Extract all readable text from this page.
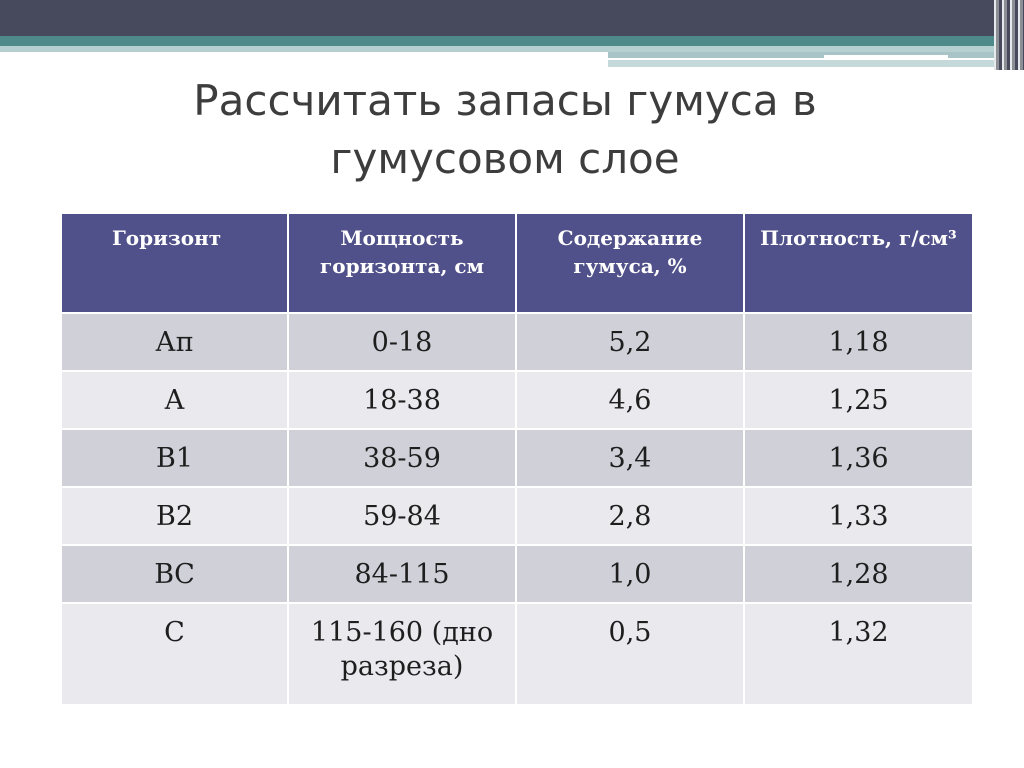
Рассчитать запасы гумуса в
гумусовом слое
Горизонт	Мощность горизонта, см	Содержание гумуса, %	Плотность, г/см³
Ап	0-18	5,2	1,18
А	18-38	4,6	1,25
В1	38-59	3,4	1,36
В2	59-84	2,8	1,33
ВС	84-115	1,0	1,28
С	115-160 (дно разреза)	0,5	1,32
